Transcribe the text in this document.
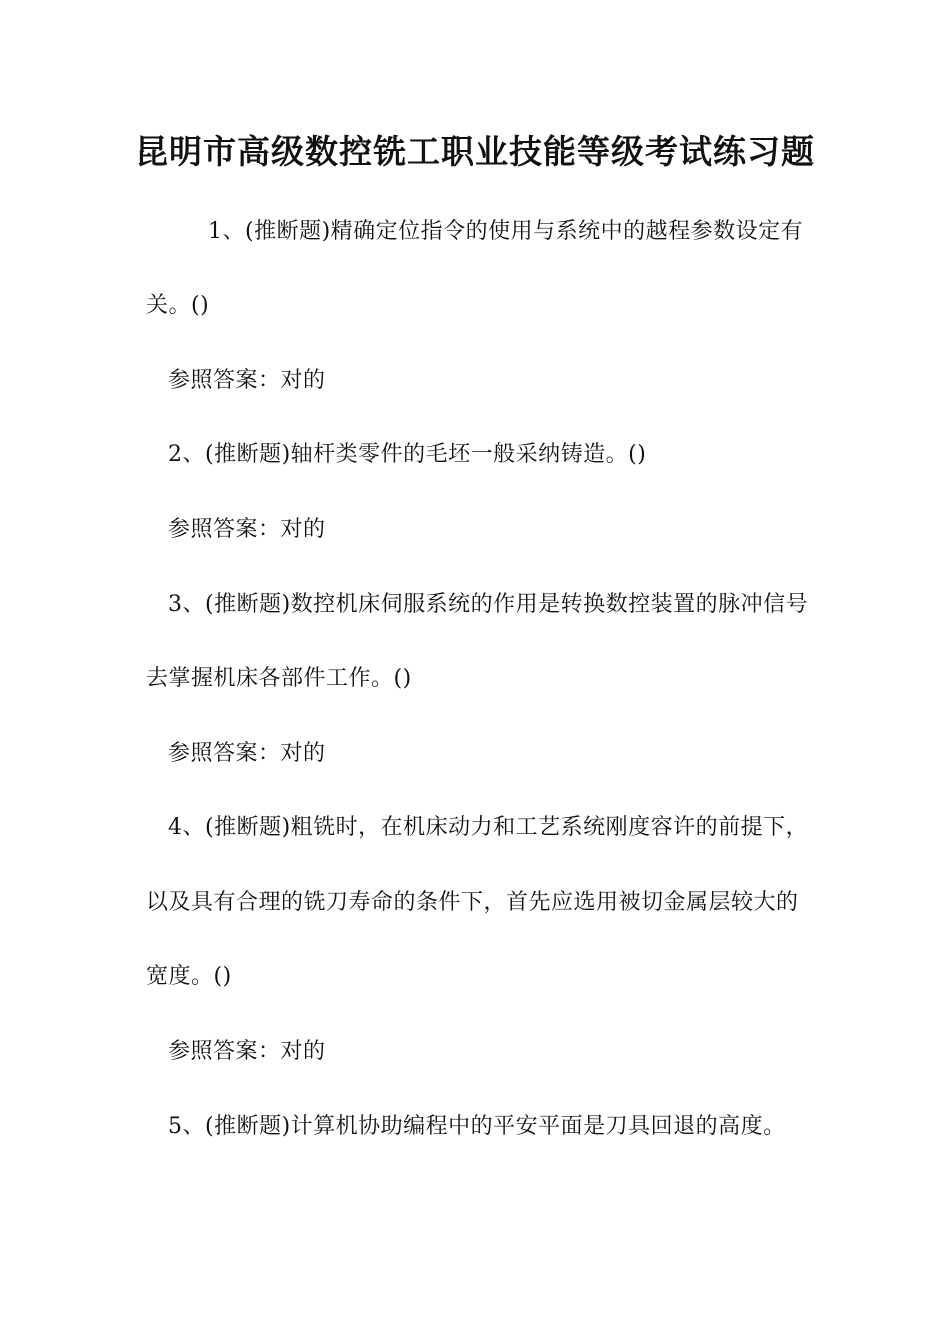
昆明市高级数控铣工职业技能等级考试练习题
1、(推断题)精确定位指令的使用与系统中的越程参数设定有
关。()
参照答案：对的
2、(推断题)轴杆类零件的毛坯一般采纳铸造。()
参照答案：对的
3、(推断题)数控机床伺服系统的作用是转换数控装置的脉冲信号
去掌握机床各部件工作。()
参照答案：对的
4、(推断题)粗铣时，在机床动力和工艺系统刚度容许的前提下，
以及具有合理的铣刀寿命的条件下，首先应选用被切金属层较大的
宽度。()
参照答案：对的
5、(推断题)计算机协助编程中的平安平面是刀具回退的高度。
